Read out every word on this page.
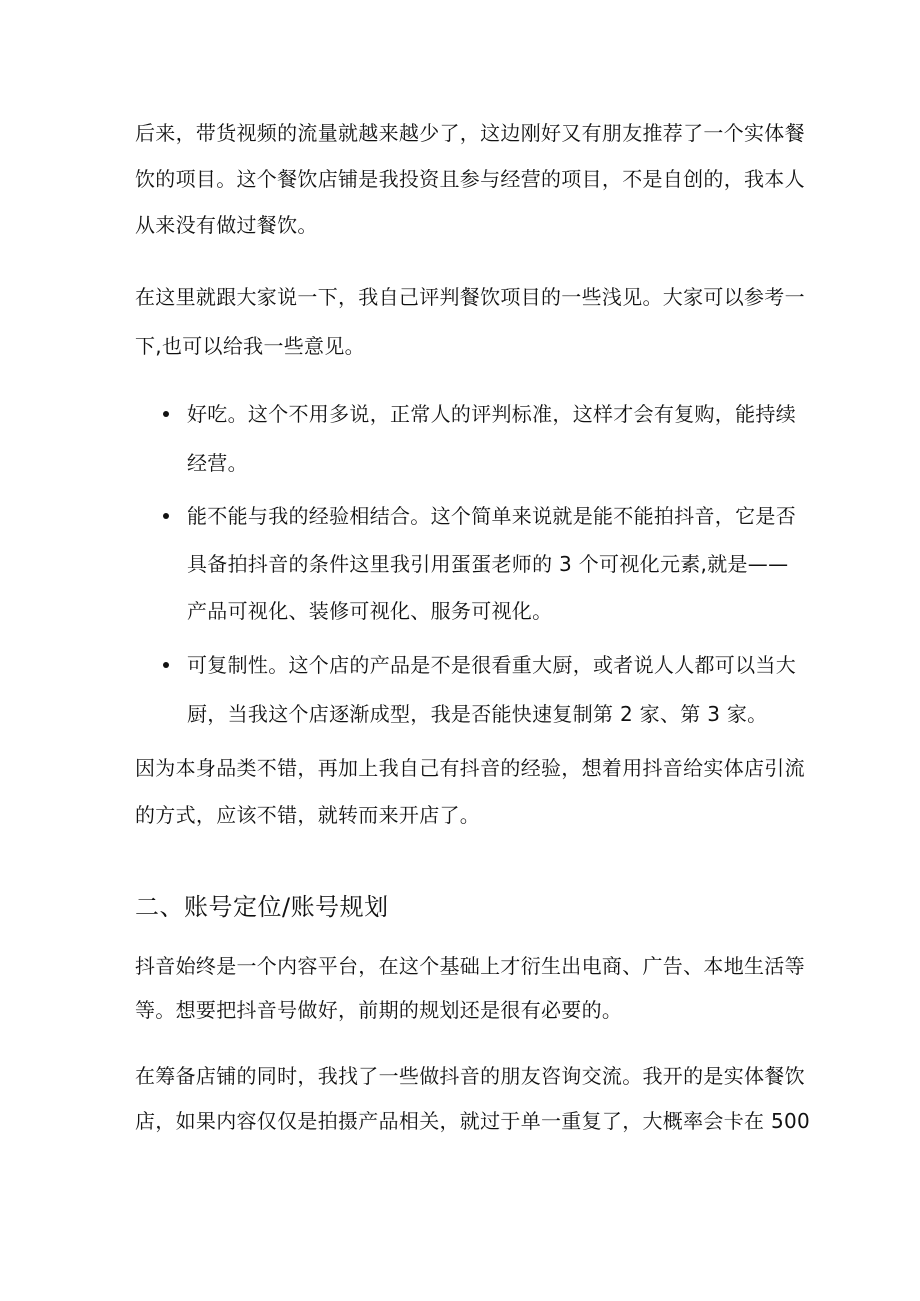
后来，带货视频的流量就越来越少了，这边刚好又有朋友推荐了一个实体餐
饮的项目。这个餐饮店铺是我投资且参与经营的项目，不是自创的，我本人
从来没有做过餐饮。
在这里就跟大家说一下，我自己评判餐饮项目的一些浅见。大家可以参考一
下,也可以给我一些意见。
好吃。这个不用多说，正常人的评判标准，这样才会有复购，能持续
经营。
能不能与我的经验相结合。这个简单来说就是能不能拍抖音，它是否
具备拍抖音的条件这里我引用蛋蛋老师的 3 个可视化元素,就是——
产品可视化、装修可视化、服务可视化。
可复制性。这个店的产品是不是很看重大厨，或者说人人都可以当大
厨，当我这个店逐渐成型，我是否能快速复制第 2 家、第 3 家。
因为本身品类不错，再加上我自己有抖音的经验，想着用抖音给实体店引流
的方式，应该不错，就转而来开店了。
二、账号定位/账号规划
抖音始终是一个内容平台，在这个基础上才衍生出电商、广告、本地生活等
等。想要把抖音号做好，前期的规划还是很有必要的。
在筹备店铺的同时，我找了一些做抖音的朋友咨询交流。我开的是实体餐饮
店，如果内容仅仅是拍摄产品相关，就过于单一重复了，大概率会卡在 500
